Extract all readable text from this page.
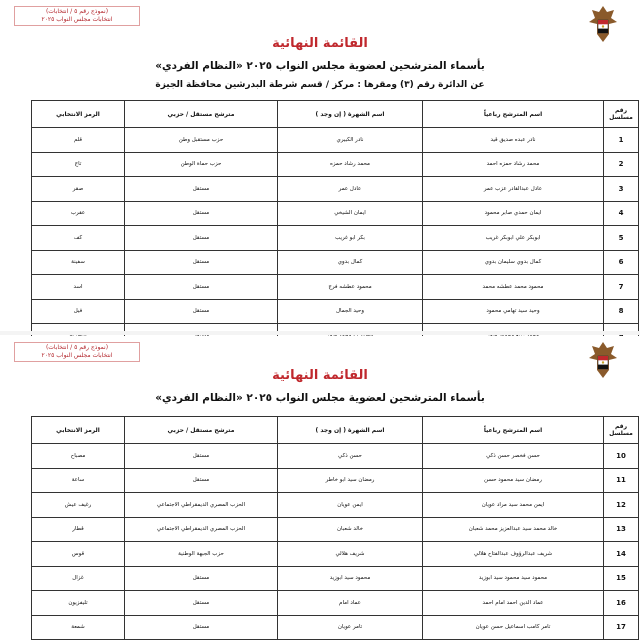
(نموذج رقم ٥ / انتخابات)
انتخابات مجلس النواب ٢٠٢٥
القائمة النهائية
بأسماء المترشحين لعضوية مجلس النواب ٢٠٢٥ «النظام الفردي»
عن الدائرة رقم (٣) ومقرها : مركز / قسم شرطة البدرشين محافظة الجيزة
رقم مسلسل	اسم المترشح رباعياً	اسم الشهرة ( إن وجد )	مترشح مستقل / حزبي	الرمز الانتخابي
1	نادر عبده صديق قيد	نادر الكبيري	حزب مستقبل وطن	قلم
2	محمد رشاد حمزه احمد	محمد رشاد حمزه	حزب حماة الوطن	تاج
3	عادل عبدالقادر عزب عمر	عادل عمر	مستقل	صقر
4	ايمان حمدي صابر محمود	ايمان الشيخي	مستقل	عقرب
5	ابوبكر علي ابوبكر غريب	بكر ابو غريب	مستقل	كف
6	كمال بدوي سليمان بدوي	كمال بدوي	مستقل	سفينة
7	محمود محمد عطشه محمد	محمود عطشه فرج	مستقل	اسد
8	وحيد سيد تهامي محمود	وحيد الجمال	مستقل	فيل

(نموذج رقم ٥ / انتخابات)
انتخابات مجلس النواب ٢٠٢٥
القائمة النهائية
بأسماء المترشحين لعضوية مجلس النواب ٢٠٢٥ «النظام الفردي»
رقم مسلسل	اسم المترشح رباعياً	اسم الشهرة ( إن وجد )	مترشح مستقل / حزبي	الرمز الانتخابي
10	حسن فخصر حسن ذكي	حسن ذكي	مستقل	مصباح
11	رمضان سيد محمود حسن	رمضان سيد ابو خاطر	مستقل	ساعة
12	ايمن محمد سيد مراد عويان	ايمن عويان	الحزب المصري الديمقراطي الاجتماعي	رغيف عيش
13	خالد محمد سيد عبدالعزيز محمد شعبان	خالد شعبان	الحزب المصري الديمقراطي الاجتماعي	قطار
14	شريف عبدالرؤوف عبدالفتاح هلالي	شريف هلالي	حزب الجبهة الوطنية	قوس
15	محمود سيد محمود سيد ابوزيد	محمود سيد ابوزيد	مستقل	غزال
16	عماد الدين احمد امام احمد	عماد امام	مستقل	تليفزيون
17	تامر كامب اسماعيل حسن عويان	تامر عويان	مستقل	شمعة
